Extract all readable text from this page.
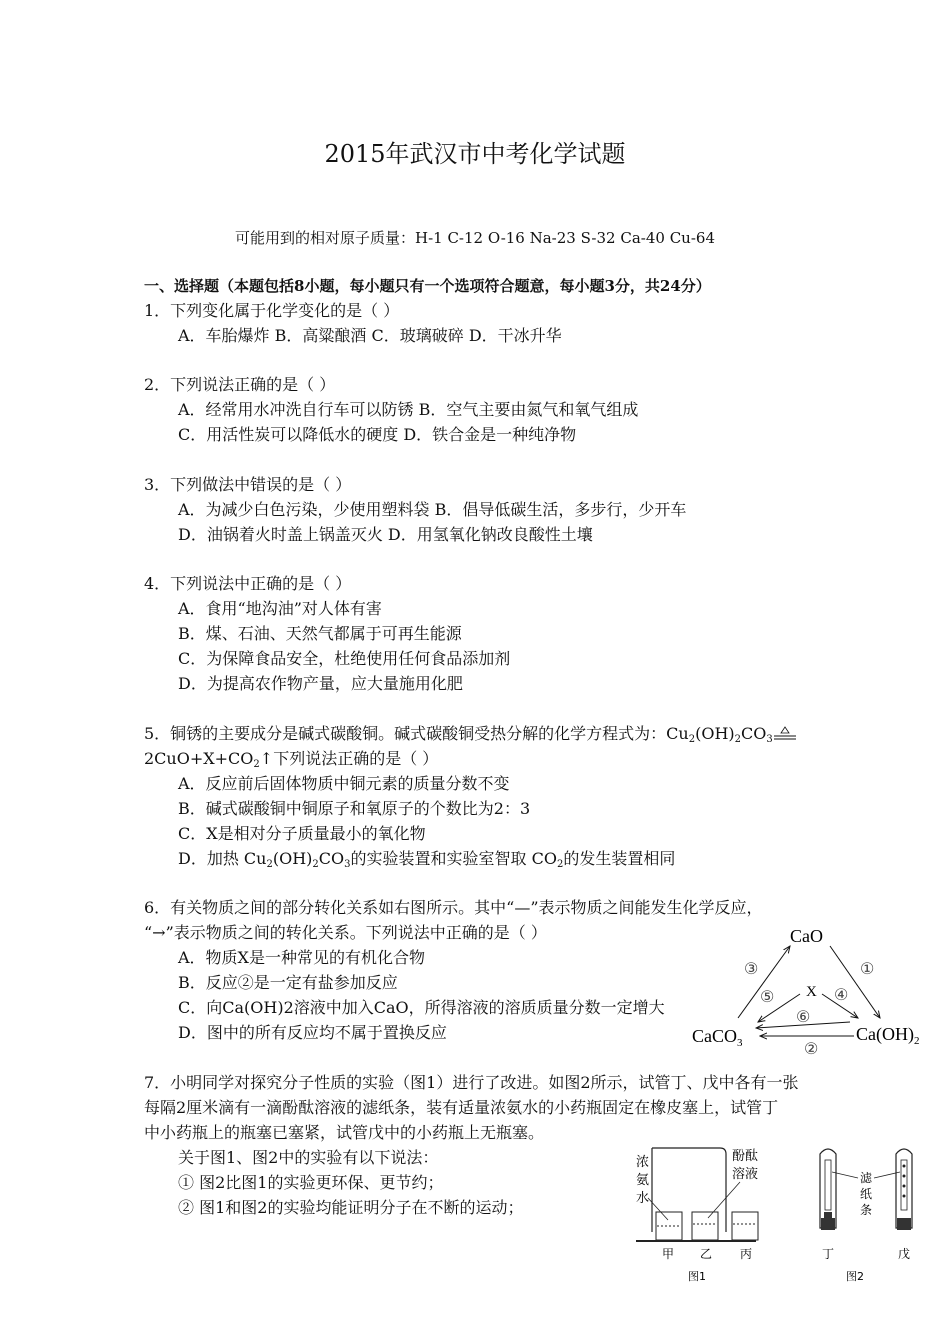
2015年武汉市中考化学试题
可能用到的相对原子质量：H-1 C-12 O-16 Na-23 S-32 Ca-40 Cu-64
一、选择题（本题包括8小题，每小题只有一个选项符合题意，每小题3分，共24分）
1．下列变化属于化学变化的是（ ）
A．车胎爆炸 B．高粱酿酒 C．玻璃破碎 D．干冰升华
2．下列说法正确的是（ ）
A．经常用水冲洗自行车可以防锈 B．空气主要由氮气和氧气组成
C．用活性炭可以降低水的硬度 D．铁合金是一种纯净物
3．下列做法中错误的是（ ）
A．为减少白色污染，少使用塑料袋 B．倡导低碳生活，多步行，少开车
D．油锅着火时盖上锅盖灭火 D．用氢氧化钠改良酸性土壤
4．下列说法中正确的是（ ）
A．食用“地沟油”对人体有害
B．煤、石油、天然气都属于可再生能源
C．为保障食品安全，杜绝使用任何食品添加剂
D．为提高农作物产量，应大量施用化肥
5．铜锈的主要成分是碱式碳酸铜。碱式碳酸铜受热分解的化学方程式为：$Cu_2(OH)_2CO_3$
$2CuO+X+CO_2↑$下列说法正确的是（ ）
A．反应前后固体物质中铜元素的质量分数不变
B．碱式碳酸铜中铜原子和氧原子的个数比为2：3
C．X是相对分子质量最小的氧化物
D．加热 $Cu_2(OH)_2CO_3$的实验装置和实验室智取 $CO_2$的发生装置相同
6．有关物质之间的部分转化关系如右图所示。其中“—”表示物质之间能发生化学反应，
“→”表示物质之间的转化关系。下列说法中正确的是（ ）
A．物质X是一种常见的有机化合物
B．反应②是一定有盐参加反应
C．向Ca(OH)2溶液中加入CaO，所得溶液的溶质质量分数一定增大
D．图中的所有反应均不属于置换反应
CaO
CaCO$_3$	$Ca(OH)_2$
X
③	①
②
⑤	④
⑥
7．小明同学对探究分子性质的实验（图1）进行了改进。如图2所示，试管丁、戊中各有一张
每隔2厘米滴有一滴酚酞溶液的滤纸条，装有适量浓氨水的小药瓶固定在橡皮塞上，试管丁
中小药瓶上的瓶塞已塞紧，试管戊中的小药瓶上无瓶塞。
关于图1、图2中的实验有以下说法：
① 图2比图1的实验更环保、更节约；
② 图1和图2的实验均能证明分子在不断的运动；
浓
氨
水
酚酞
溶液
甲 乙 丙
图1
滤
纸
条
丁	戊
图2
